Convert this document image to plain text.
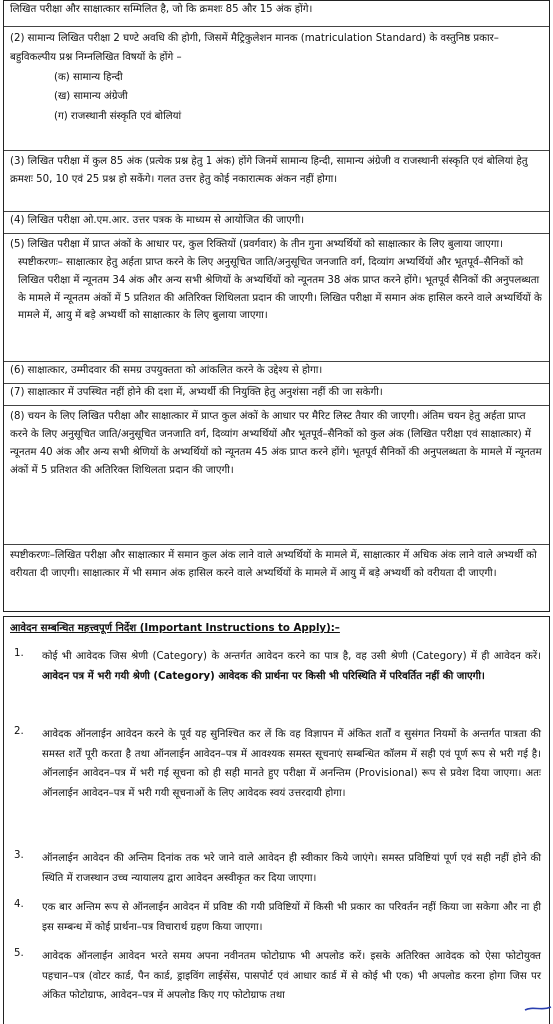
लिखित परीक्षा और साक्षात्कार सम्मिलित है, जो कि क्रमशः 85 और 15 अंक होंगे।

(2) सामान्य लिखित परीक्षा 2 घण्टे अवधि की होगी, जिसमें मैट्रिकुलेशन मानक (matriculation Standard) के वस्तुनिष्ठ प्रकार–बहुविकल्पीय प्रश्न निम्नलिखित विषयों के होंगे –

(क) सामान्य हिन्दी

(ख) सामान्य अंग्रेजी

(ग) राजस्थानी संस्कृति एवं बोलियां

(3) लिखित परीक्षा में कुल 85 अंक (प्रत्येक प्रश्न हेतु 1 अंक) होंगे जिनमें सामान्य हिन्दी, सामान्य अंग्रेजी व राजस्थानी संस्कृति एवं बोलियां हेतु क्रमशः 50, 10 एवं 25 प्रश्न हो सकेंगे। गलत उत्तर हेतु कोई नकारात्मक अंकन नहीं होगा।

(4) लिखित परीक्षा ओ.एम.आर. उत्तर पत्रक के माध्यम से आयोजित की जाएगी।

(5) लिखित परीक्षा में प्राप्त अंकों के आधार पर, कुल रिक्तियों (प्रवर्गवार) के तीन गुना अभ्यर्थियों को साक्षात्कार के लिए बुलाया जाएगा।

स्पष्टीकरणः– साक्षात्कार हेतु अर्हता प्राप्त करने के लिए अनुसूचित जाति/अनुसूचित जनजाति वर्ग, दिव्यांग अभ्यर्थियों और भूतपूर्व–सैनिकों को लिखित परीक्षा में न्यूनतम 34 अंक और अन्य सभी श्रेणियों के अभ्यर्थियों को न्यूनतम 38 अंक प्राप्त करने होंगे। भूतपूर्व सैनिकों की अनुपलब्धता के मामले में न्यूनतम अंकों में 5 प्रतिशत की अतिरिक्त शिथिलता प्रदान की जाएगी। लिखित परीक्षा में समान अंक हासिल करने वाले अभ्यर्थियों के मामले में, आयु में बड़े अभ्यर्थी को साक्षात्कार के लिए बुलाया जाएगा।

(6) साक्षात्कार, उम्मीदवार की समग्र उपयुक्तता को आंकलित करने के उद्देश्य से होगा।

(7) साक्षात्कार में उपस्थित नहीं होने की दशा में, अभ्यर्थी की नियुक्ति हेतु अनुशंसा नहीं की जा सकेगी।

(8) चयन के लिए लिखित परीक्षा और साक्षात्कार में प्राप्त कुल अंकों के आधार पर मैरिट लिस्ट तैयार की जाएगी। अंतिम चयन हेतु अर्हता प्राप्त करने के लिए अनुसूचित जाति/अनुसूचित जनजाति वर्ग, दिव्यांग अभ्यर्थियों और भूतपूर्व–सैनिकों को कुल अंक (लिखित परीक्षा एवं साक्षात्कार) में न्यूनतम 40 अंक और अन्य सभी श्रेणियों के अभ्यर्थियों को न्यूनतम 45 अंक प्राप्त करने होंगे। भूतपूर्व सैनिकों की अनुपलब्धता के मामले में न्यूनतम अंकों में 5 प्रतिशत की अतिरिक्त शिथिलता प्रदान की जाएगी।

स्पष्टीकरणः–लिखित परीक्षा और साक्षात्कार में समान कुल अंक लाने वाले अभ्यर्थियों के मामले में, साक्षात्कार में अधिक अंक लाने वाले अभ्यर्थी को वरीयता दी जाएगी। साक्षात्कार में भी समान अंक हासिल करने वाले अभ्यर्थियों के मामले में आयु में बड़े अभ्यर्थी को वरीयता दी जाएगी।

आवेदन सम्बन्धित महत्त्वपूर्ण निर्देश (Important Instructions to Apply):–
1. कोई भी आवेदक जिस श्रेणी (Category) के अन्तर्गत आवेदन करने का पात्र है, वह उसी श्रेणी (Category) में ही आवेदन करें। आवेदन पत्र में भरी गयी श्रेणी (Category) आवेदक की प्रार्थना पर किसी भी परिस्थिति में परिवर्तित नहीं की जाएगी।

2. आवेदक ऑनलाईन आवेदन करने के पूर्व यह सुनिश्चित कर लें कि वह विज्ञापन में अंकित शर्तों व सुसंगत नियमों के अन्तर्गत पात्रता की समस्त शर्तें पूरी करता है तथा ऑनलाईन आवेदन–पत्र में आवश्यक समस्त सूचनाएं सम्बन्धित कॉलम में सही एवं पूर्ण रूप से भरी गई है। ऑनलाईन आवेदन–पत्र में भरी गई सूचना को ही सही मानते हुए परीक्षा में अनन्तिम (Provisional) रूप से प्रवेश दिया जाएगा। अतः ऑनलाईन आवेदन–पत्र में भरी गयी सूचनाओं के लिए आवेदक स्वयं उत्तरदायी होगा।

3. ऑनलाईन आवेदन की अन्तिम दिनांक तक भरे जाने वाले आवेदन ही स्वीकार किये जाएंगे। समस्त प्रविष्टियां पूर्ण एवं सही नहीं होने की स्थिति में राजस्थान उच्च न्यायालय द्वारा आवेदन अस्वीकृत कर दिया जाएगा।

4. एक बार अन्तिम रूप से ऑनलाईन आवेदन में प्रविष्ट की गयी प्रविष्टियों में किसी भी प्रकार का परिवर्तन नहीं किया जा सकेगा और ना ही इस सम्बन्ध में कोई प्रार्थना–पत्र विचारार्थ ग्रहण किया जाएगा।

5. आवेदक ऑनलाईन आवेदन भरते समय अपना नवीनतम फोटोग्राफ भी अपलोड करें। इसके अतिरिक्त आवेदक को ऐसा फोटोयुक्त पहचान–पत्र (वोटर कार्ड, पैन कार्ड, ड्राइविंग लाईसेंस, पासपोर्ट एवं आधार कार्ड में से कोई भी एक) भी अपलोड करना होगा जिस पर अंकित फोटोग्राफ, आवेदन–पत्र में अपलोड किए गए फोटोग्राफ तथा
